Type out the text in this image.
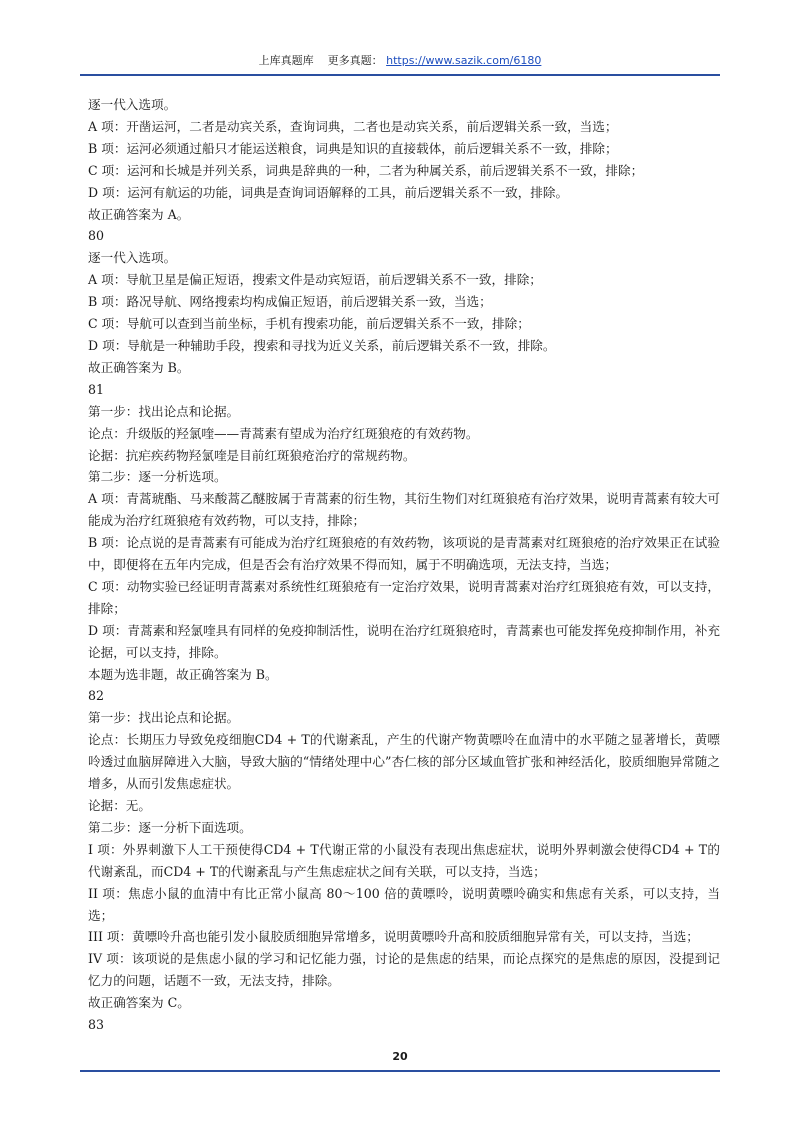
上库真题库 更多真题： https://www.sazik.com/6180

逐一代入选项。

A 项：开凿运河，二者是动宾关系，查询词典，二者也是动宾关系，前后逻辑关系一致，当选；

B 项：运河必须通过船只才能运送粮食，词典是知识的直接载体，前后逻辑关系不一致，排除；

C 项：运河和长城是并列关系，词典是辞典的一种，二者为种属关系，前后逻辑关系不一致，排除；

D 项：运河有航运的功能，词典是查询词语解释的工具，前后逻辑关系不一致，排除。

故正确答案为 A。

80

逐一代入选项。

A 项：导航卫星是偏正短语，搜索文件是动宾短语，前后逻辑关系不一致，排除；

B 项：路况导航、网络搜索均构成偏正短语，前后逻辑关系一致，当选；

C 项：导航可以查到当前坐标，手机有搜索功能，前后逻辑关系不一致，排除；

D 项：导航是一种辅助手段，搜索和寻找为近义关系，前后逻辑关系不一致，排除。

故正确答案为 B。

81

第一步：找出论点和论据。

论点：升级版的羟氯喹——青蒿素有望成为治疗红斑狼疮的有效药物。

论据：抗疟疾药物羟氯喹是目前红斑狼疮治疗的常规药物。

第二步：逐一分析选项。

A 项：青蒿琥酯、马来酸蒿乙醚胺属于青蒿素的衍生物，其衍生物们对红斑狼疮有治疗效果，说明青蒿素有较大可能成为治疗红斑狼疮有效药物，可以支持，排除；

B 项：论点说的是青蒿素有可能成为治疗红斑狼疮的有效药物，该项说的是青蒿素对红斑狼疮的治疗效果正在试验中，即便将在五年内完成，但是否会有治疗效果不得而知，属于不明确选项，无法支持，当选；

C 项：动物实验已经证明青蒿素对系统性红斑狼疮有一定治疗效果，说明青蒿素对治疗红斑狼疮有效，可以支持，排除；

D 项：青蒿素和羟氯喹具有同样的免疫抑制活性，说明在治疗红斑狼疮时，青蒿素也可能发挥免疫抑制作用，补充论据，可以支持，排除。

本题为选非题，故正确答案为 B。

82

第一步：找出论点和论据。

论点：长期压力导致免疫细胞CD4 + T的代谢紊乱，产生的代谢产物黄嘌呤在血清中的水平随之显著增长，黄嘌呤透过血脑屏障进入大脑，导致大脑的“情绪处理中心”杏仁核的部分区域血管扩张和神经活化，胶质细胞异常随之增多，从而引发焦虑症状。

论据：无。

第二步：逐一分析下面选项。

I 项：外界刺激下人工干预使得CD4 + T代谢正常的小鼠没有表现出焦虑症状，说明外界刺激会使得CD4 + T的代谢紊乱，而CD4 + T的代谢紊乱与产生焦虑症状之间有关联，可以支持，当选；

II 项：焦虑小鼠的血清中有比正常小鼠高 80～100 倍的黄嘌呤，说明黄嘌呤确实和焦虑有关系，可以支持，当选；

III 项：黄嘌呤升高也能引发小鼠胶质细胞异常增多，说明黄嘌呤升高和胶质细胞异常有关，可以支持，当选；

IV 项：该项说的是焦虑小鼠的学习和记忆能力强，讨论的是焦虑的结果，而论点探究的是焦虑的原因，没提到记忆力的问题，话题不一致，无法支持，排除。

故正确答案为 C。

83

20
